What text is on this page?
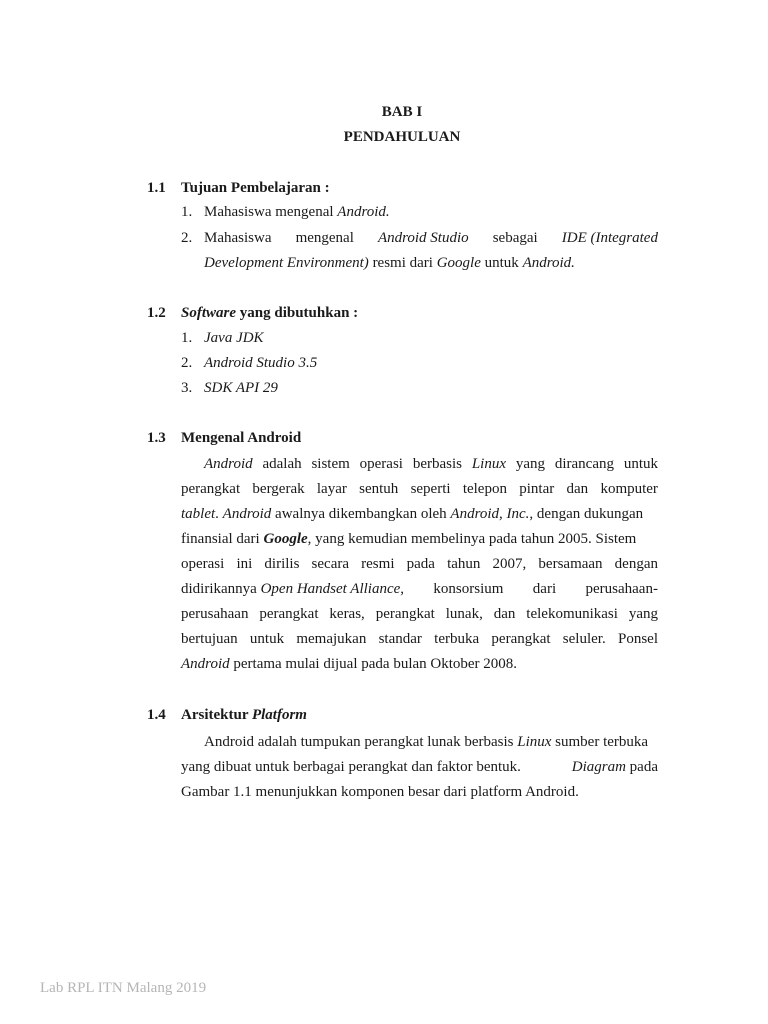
BAB I
PENDAHULUAN
1.1 Tujuan Pembelajaran :
1. Mahasiswa mengenal Android.
2. Mahasiswa mengenal Android Studio sebagai IDE (Integrated
Development Environment) resmi dari Google untuk Android.
1.2 Software yang dibutuhkan :
1. Java JDK
2. Android Studio 3.5
3. SDK API 29
1.3 Mengenal Android
Android adalah sistem operasi berbasis Linux yang dirancang untuk
perangkat bergerak layar sentuh seperti telepon pintar dan komputer
tablet. Android awalnya dikembangkan oleh Android, Inc., dengan dukungan
finansial dari Google, yang kemudian membelinya pada tahun 2005. Sistem
operasi ini dirilis secara resmi pada tahun 2007, bersamaan dengan
didirikannya Open Handset Alliance, konsorsium dari perusahaan-
perusahaan perangkat keras, perangkat lunak, dan telekomunikasi yang
bertujuan untuk memajukan standar terbuka perangkat seluler. Ponsel
Android pertama mulai dijual pada bulan Oktober 2008.
1.4 Arsitektur Platform
Android adalah tumpukan perangkat lunak berbasis Linux sumber terbuka
yang dibuat untuk berbagai perangkat dan faktor bentuk.	Diagram pada
Gambar 1.1 menunjukkan komponen besar dari platform Android.
Lab RPL ITN Malang 2019
